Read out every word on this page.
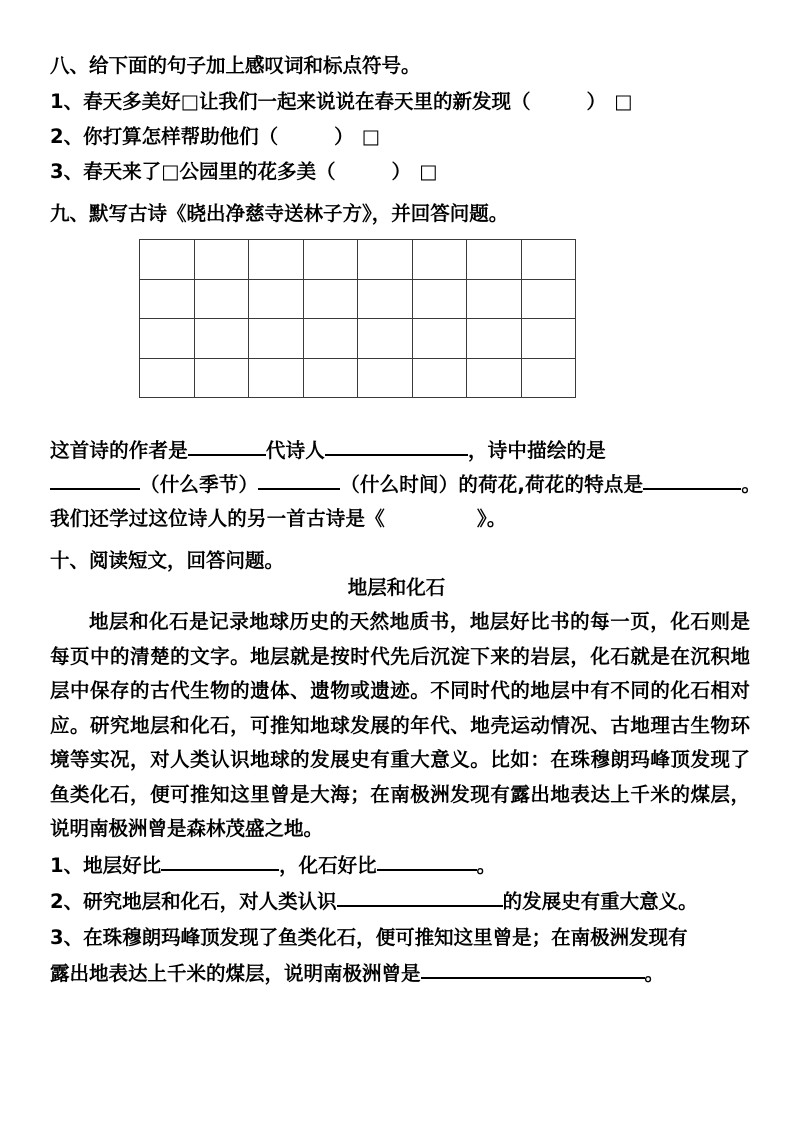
八、给下面的句子加上感叹词和标点符号。
1、春天多美好□让我们一起来说说在春天里的新发现（	） □
2、你打算怎样帮助他们（	） □
3、春天来了□公园里的花多美（	） □
九、默写古诗《晓出净慈寺送林子方》，并回答问题。

这首诗的作者是	代诗人	，诗中描绘的是
（什么季节）	（什么时间）的荷花,荷花的特点是	。
我们还学过这位诗人的另一首古诗是《	》。
十、阅读短文，回答问题。
地层和化石

地层和化石是记录地球历史的天然地质书，地层好比书的每一页，化石则是每页中的清楚的文字。地层就是按时代先后沉淀下来的岩层，化石就是在沉积地层中保存的古代生物的遗体、遗物或遗迹。不同时代的地层中有不同的化石相对应。研究地层和化石，可推知地球发展的年代、地壳运动情况、古地理古生物环境等实况，对人类认识地球的发展史有重大意义。比如：在珠穆朗玛峰顶发现了鱼类化石，便可推知这里曾是大海；在南极洲发现有露出地表达上千米的煤层，说明南极洲曾是森林茂盛之地。

1、地层好比	，化石好比	。
2、研究地层和化石，对人类认识	的发展史有重大意义。
3、在珠穆朗玛峰顶发现了鱼类化石，便可推知这里曾是；在南极洲发现有
露出地表达上千米的煤层，说明南极洲曾是	。
